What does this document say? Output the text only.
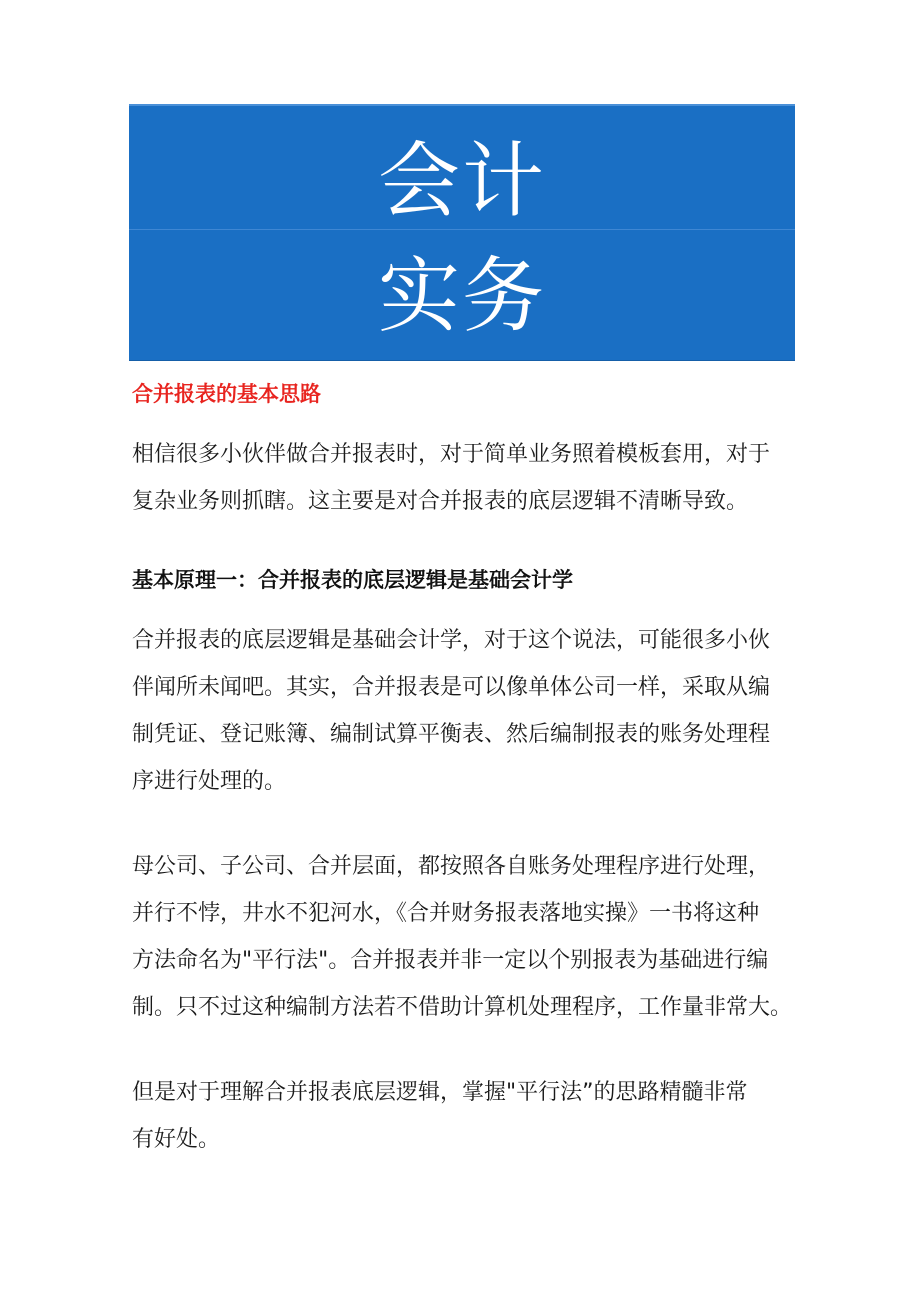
会计
实务
合并报表的基本思路

相信很多小伙伴做合并报表时，对于简单业务照着模板套用，对于
复杂业务则抓瞎。这主要是对合并报表的底层逻辑不清晰导致。

基本原理一：合并报表的底层逻辑是基础会计学

合并报表的底层逻辑是基础会计学，对于这个说法，可能很多小伙
伴闻所未闻吧。其实，合并报表是可以像单体公司一样，采取从编
制凭证、登记账簿、编制试算平衡表、然后编制报表的账务处理程
序进行处理的。

母公司、子公司、合并层面，都按照各自账务处理程序进行处理，
并行不悖，井水不犯河水，《合并财务报表落地实操》一书将这种
方法命名为"平行法"。合并报表并非一定以个别报表为基础进行编
制。只不过这种编制方法若不借助计算机处理程序，工作量非常大。

但是对于理解合并报表底层逻辑，掌握"平行法”的思路精髓非常
有好处。
